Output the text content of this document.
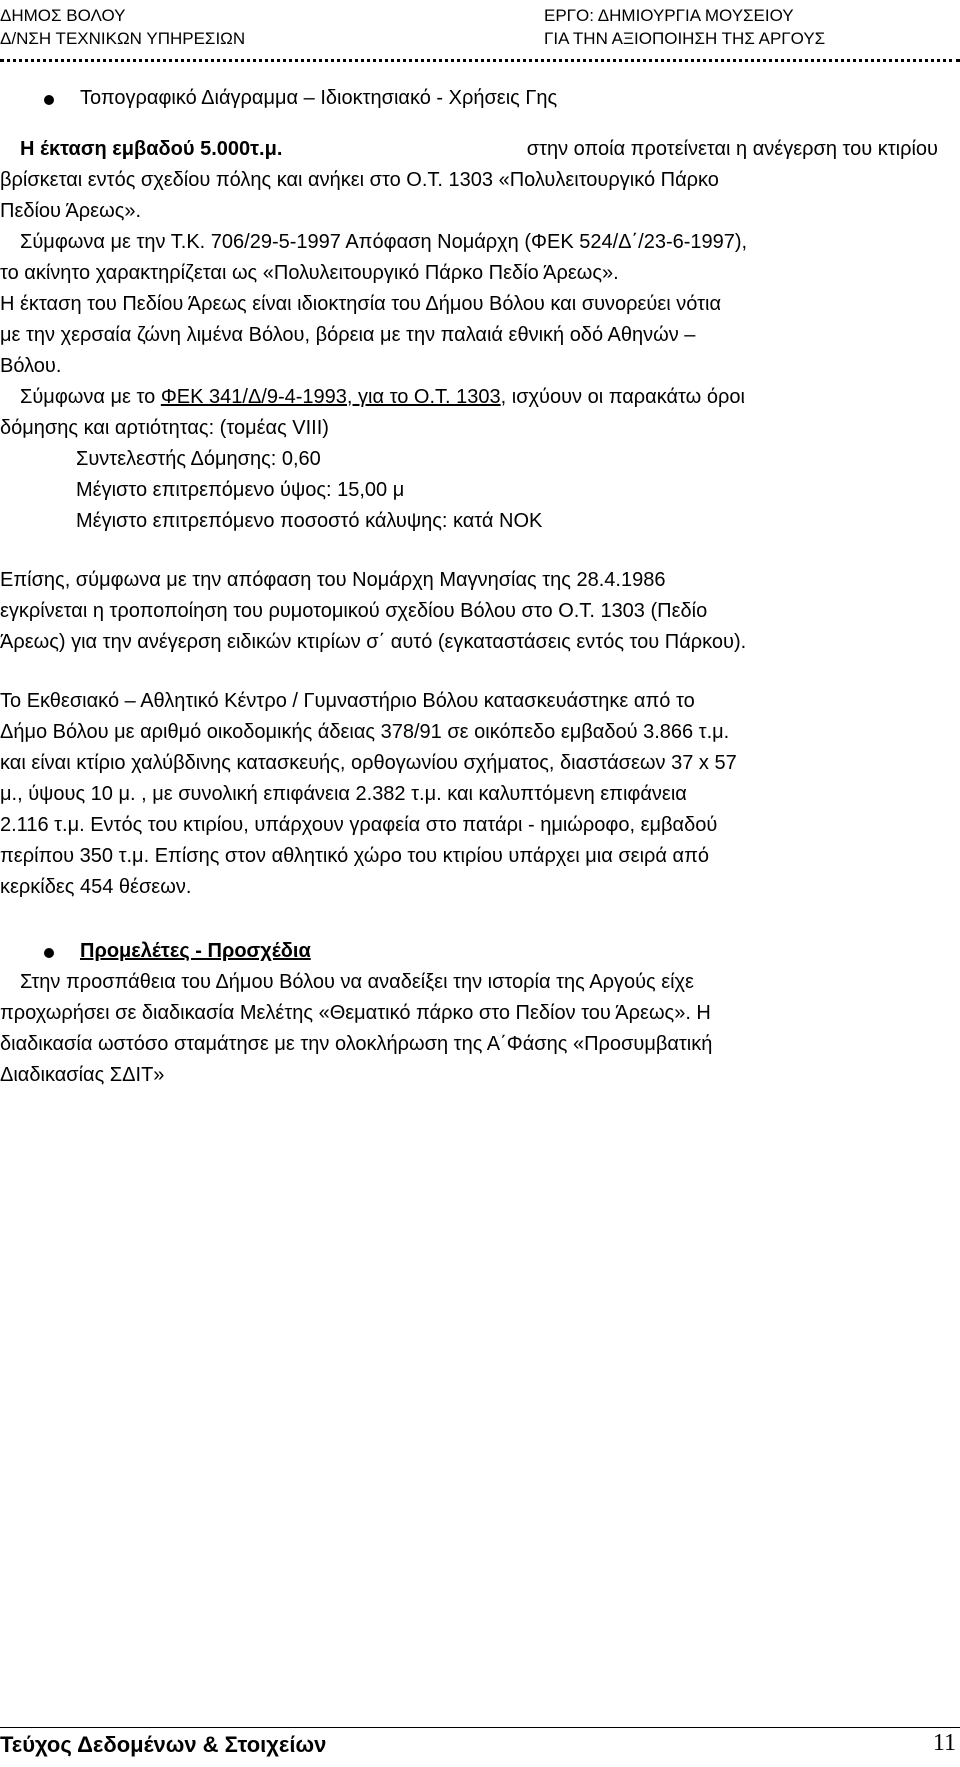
ΔΗΜΟΣ ΒΟΛΟΥ
Δ/ΝΣΗ ΤΕΧΝΙΚΩΝ ΥΠΗΡΕΣΙΩΝ
ΕΡΓΟ: ΔΗΜΙΟΥΡΓΙΑ ΜΟΥΣΕΙΟΥ
ΓΙΑ ΤΗΝ ΑΞΙΟΠΟΙΗΣΗ ΤΗΣ ΑΡΓΟΥΣ
Τοπογραφικό Διάγραμμα – Ιδιοκτησιακό - Χρήσεις Γης
Η έκταση εμβαδού 5.000τ.μ.	στην οποία προτείνεται η ανέγερση του κτιρίου
βρίσκεται εντός σχεδίου πόλης και ανήκει στο Ο.Τ. 1303 «Πολυλειτουργικό Πάρκο
Πεδίου Άρεως».
Σύμφωνα με την Τ.Κ. 706/29-5-1997 Απόφαση Νομάρχη (ΦΕΚ 524/Δ΄/23-6-1997),
το ακίνητο χαρακτηρίζεται ως «Πολυλειτουργικό Πάρκο Πεδίο Άρεως».
Η έκταση του Πεδίου Άρεως είναι ιδιοκτησία του Δήμου Βόλου και συνορεύει νότια
με την χερσαία ζώνη λιμένα Βόλου, βόρεια με την παλαιά εθνική οδό Αθηνών –
Βόλου.
Σύμφωνα με το ΦΕΚ 341/Δ/9-4-1993, για το Ο.Τ. 1303, ισχύουν οι παρακάτω όροι
δόμησης και αρτιότητας: (τομέας VIII)
Συντελεστής Δόμησης: 0,60
Μέγιστο επιτρεπόμενο ύψος: 15,00 μ
Μέγιστο επιτρεπόμενο ποσοστό κάλυψης: κατά ΝΟΚ
Επίσης, σύμφωνα με την απόφαση του Νομάρχη Μαγνησίας της 28.4.1986
εγκρίνεται η τροποποίηση του ρυμοτομικού σχεδίου Βόλου στο Ο.Τ. 1303 (Πεδίο
Άρεως) για την ανέγερση ειδικών κτιρίων σ΄ αυτό (εγκαταστάσεις εντός του Πάρκου).
Το Εκθεσιακό – Αθλητικό Κέντρο / Γυμναστήριο Βόλου κατασκευάστηκε από το
Δήμο Βόλου με αριθμό οικοδομικής άδειας 378/91 σε οικόπεδο εμβαδού 3.866 τ.μ.
και είναι κτίριο χαλύβδινης κατασκευής, ορθογωνίου σχήματος, διαστάσεων 37 x 57
μ., ύψους 10 μ. , με συνολική επιφάνεια 2.382 τ.μ. και καλυπτόμενη επιφάνεια
2.116 τ.μ. Εντός του κτιρίου, υπάρχουν γραφεία στο πατάρι - ημιώροφο, εμβαδού
περίπου 350 τ.μ. Επίσης στον αθλητικό χώρο του κτιρίου υπάρχει μια σειρά από
κερκίδες 454 θέσεων.
Προμελέτες - Προσχέδια
Στην προσπάθεια του Δήμου Βόλου να αναδείξει την ιστορία της Αργούς είχε
προχωρήσει σε διαδικασία Μελέτης «Θεματικό πάρκο στο Πεδίον του Άρεως». Η
διαδικασία ωστόσο σταμάτησε με την ολοκλήρωση της Α΄Φάσης «Προσυμβατική
Διαδικασίας ΣΔΙΤ»
Τεύχος Δεδομένων & Στοιχείων	11
